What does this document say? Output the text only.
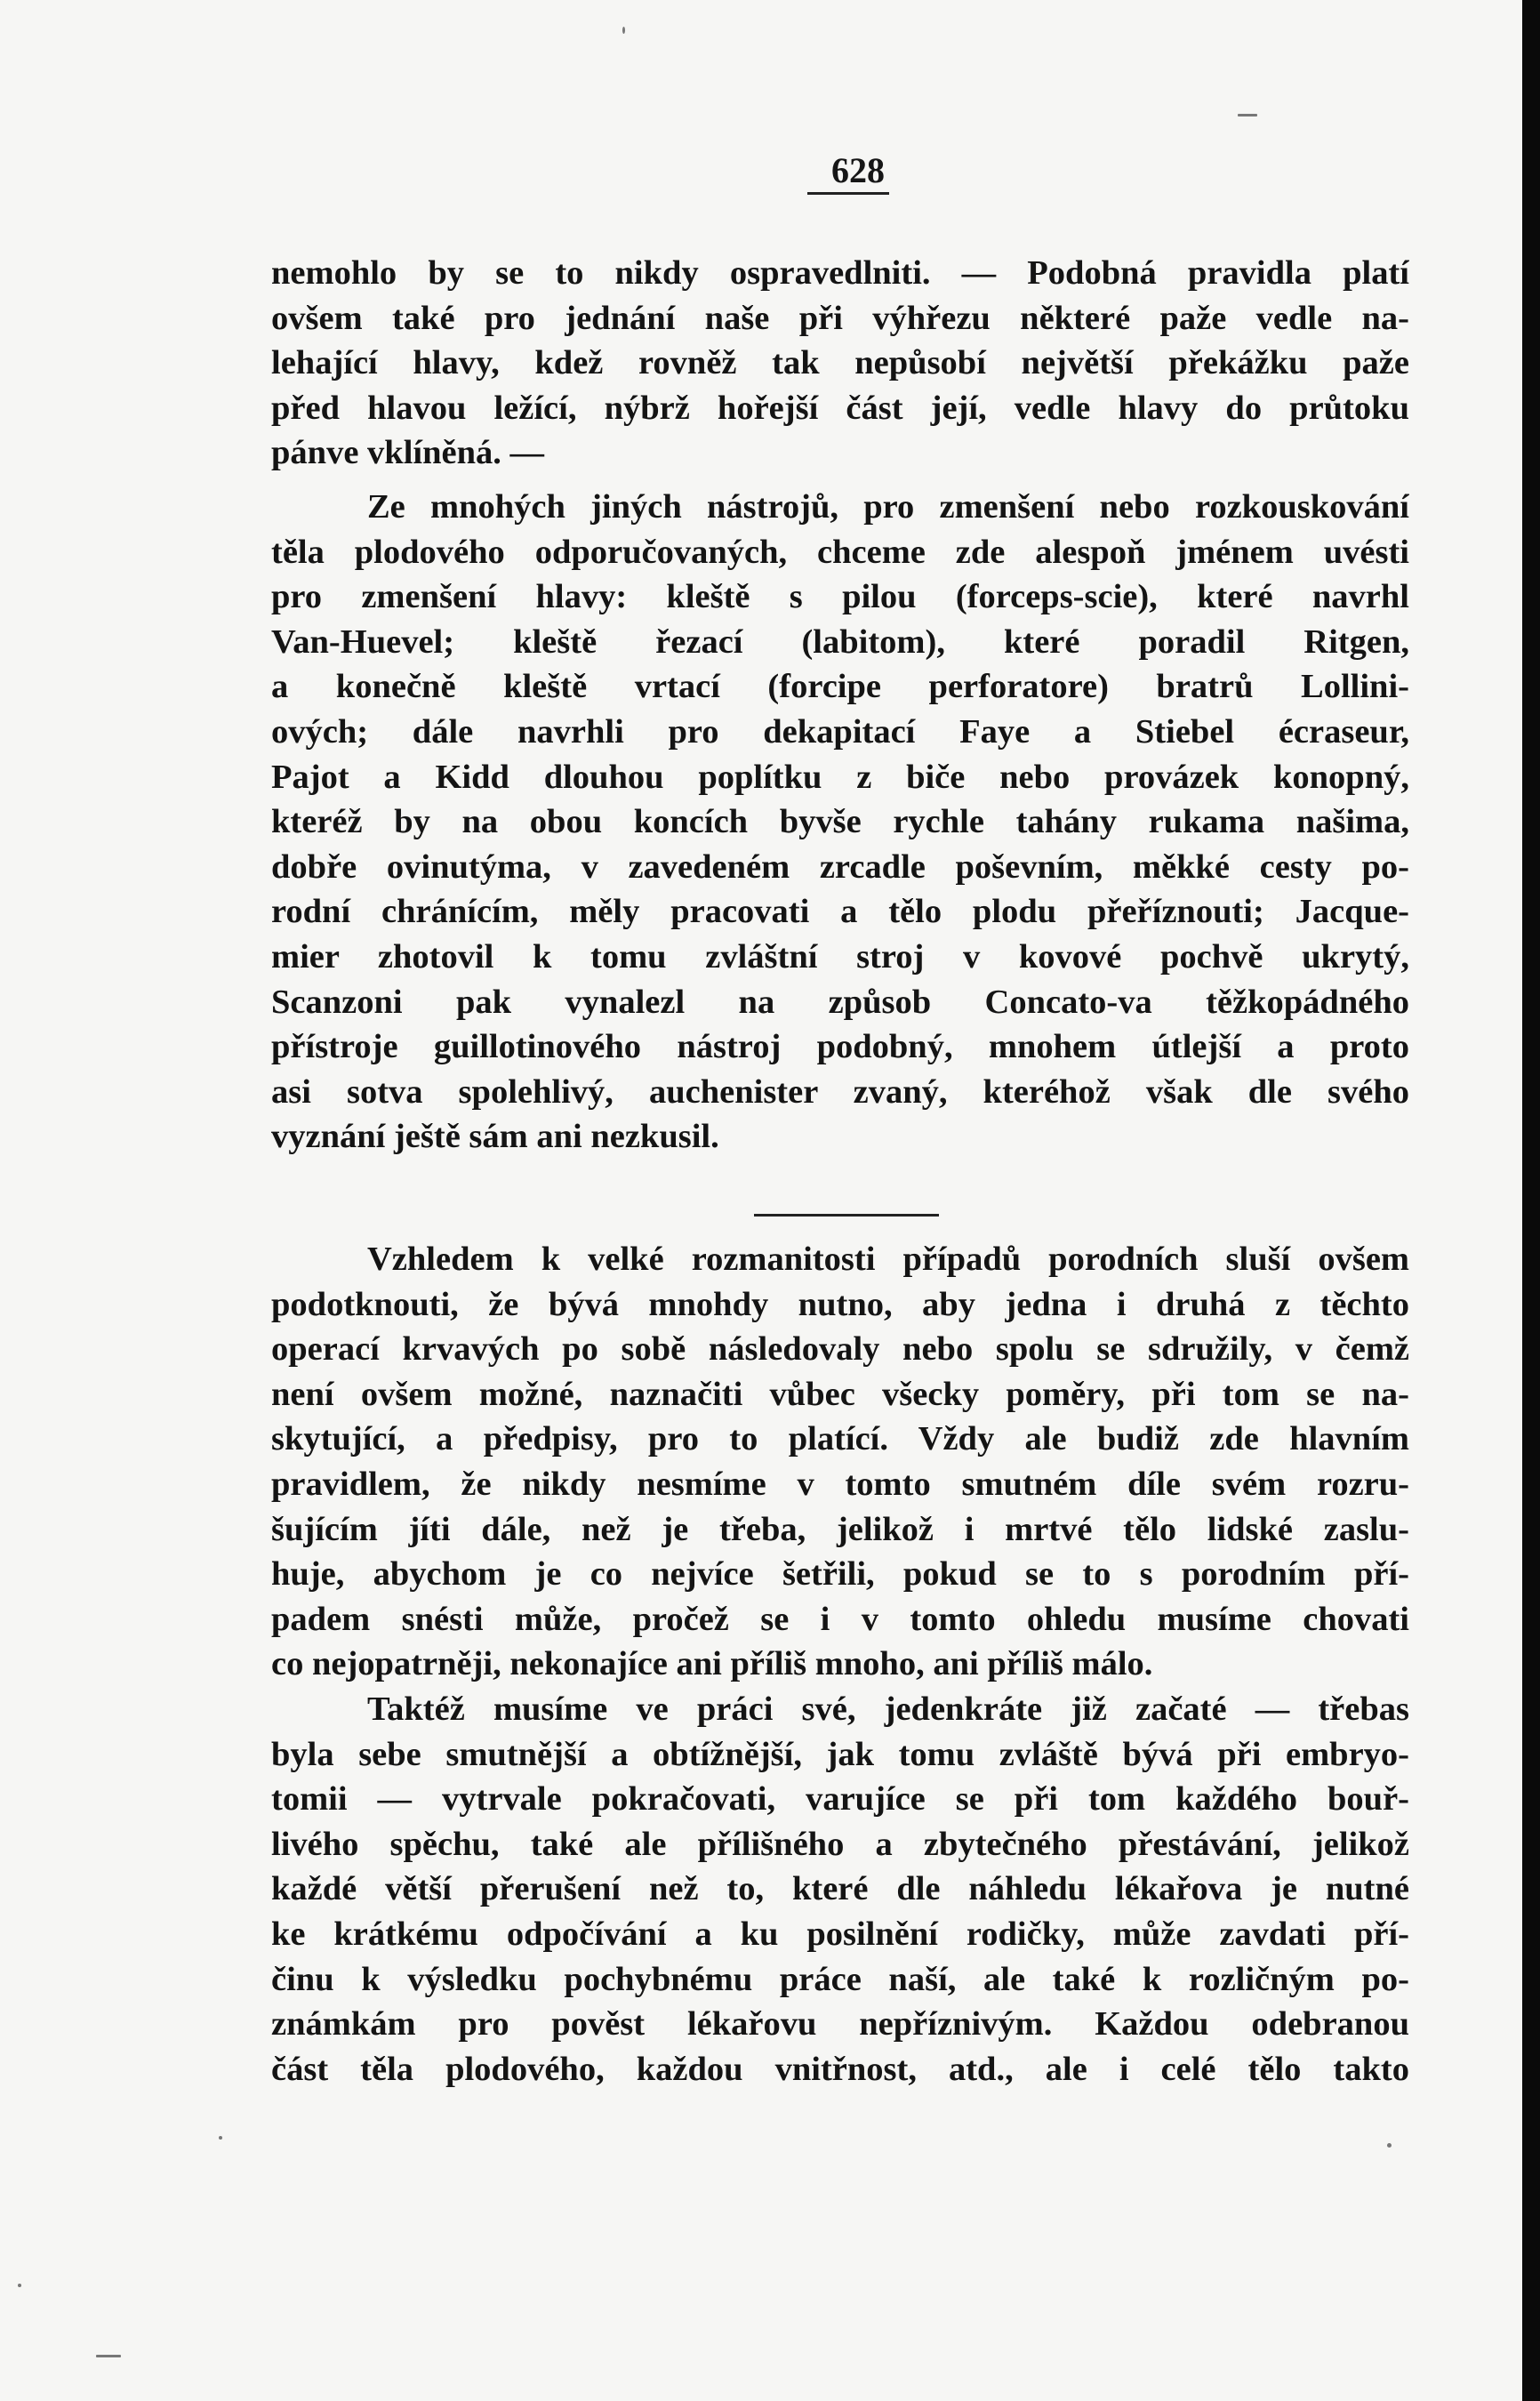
628
nemohlo by se to nikdy ospravedlniti. — Podobná pravidla platí
ovšem také pro jednání naše při výhřezu některé paže vedle na-
lehající hlavy, kdež rovněž tak nepůsobí největší překážku paže
před hlavou ležící, nýbrž hořejší část její, vedle hlavy do průtoku
pánve vklíněná. —
Ze mnohých jiných nástrojů, pro zmenšení nebo rozkouskování
těla plodového odporučovaných, chceme zde alespoň jménem uvésti
pro zmenšení hlavy: kleště s pilou (forceps-scie), které navrhl
Van-Huevel; kleště řezací (labitom), které poradil Ritgen,
a konečně kleště vrtací (forcipe perforatore) bratrů Lollini-
ových; dále navrhli pro dekapitací Faye a Stiebel écraseur,
Pajot a Kidd dlouhou poplítku z biče nebo provázek konopný,
kteréž by na obou koncích byvše rychle tahány rukama našima,
dobře ovinutýma, v zavedeném zrcadle poševním, měkké cesty po-
rodní chránícím, měly pracovati a tělo plodu přeříznouti; Jacque-
mier zhotovil k tomu zvláštní stroj v kovové pochvě ukrytý,
Scanzoni pak vynalezl na způsob Concato-va těžkopádného
přístroje guillotinového nástroj podobný, mnohem útlejší a proto
asi sotva spolehlivý, auchenister zvaný, kteréhož však dle svého
vyznání ještě sám ani nezkusil.
Vzhledem k velké rozmanitosti případů porodních sluší ovšem
podotknouti, že bývá mnohdy nutno, aby jedna i druhá z těchto
operací krvavých po sobě následovaly nebo spolu se sdružily, v čemž
není ovšem možné, naznačiti vůbec všecky poměry, při tom se na-
skytující, a předpisy, pro to platící. Vždy ale budiž zde hlavním
pravidlem, že nikdy nesmíme v tomto smutném díle svém rozru-
šujícím jíti dále, než je třeba, jelikož i mrtvé tělo lidské zaslu-
huje, abychom je co nejvíce šetřili, pokud se to s porodním pří-
padem snésti může, pročež se i v tomto ohledu musíme chovati
co nejopatrněji, nekonajíce ani příliš mnoho, ani příliš málo.
Taktéž musíme ve práci své, jedenkráte již začaté — třebas
byla sebe smutnější a obtížnější, jak tomu zvláště bývá při embryo-
tomii — vytrvale pokračovati, varujíce se při tom každého bouř-
livého spěchu, také ale přílišného a zbytečného přestávání, jelikož
každé větší přerušení než to, které dle náhledu lékařova je nutné
ke krátkému odpočívání a ku posilnění rodičky, může zavdati pří-
činu k výsledku pochybnému práce naší, ale také k rozličným po-
známkám pro pověst lékařovu nepříznivým. Každou odebranou
část těla plodového, každou vnitřnost, atd., ale i celé tělo takto
